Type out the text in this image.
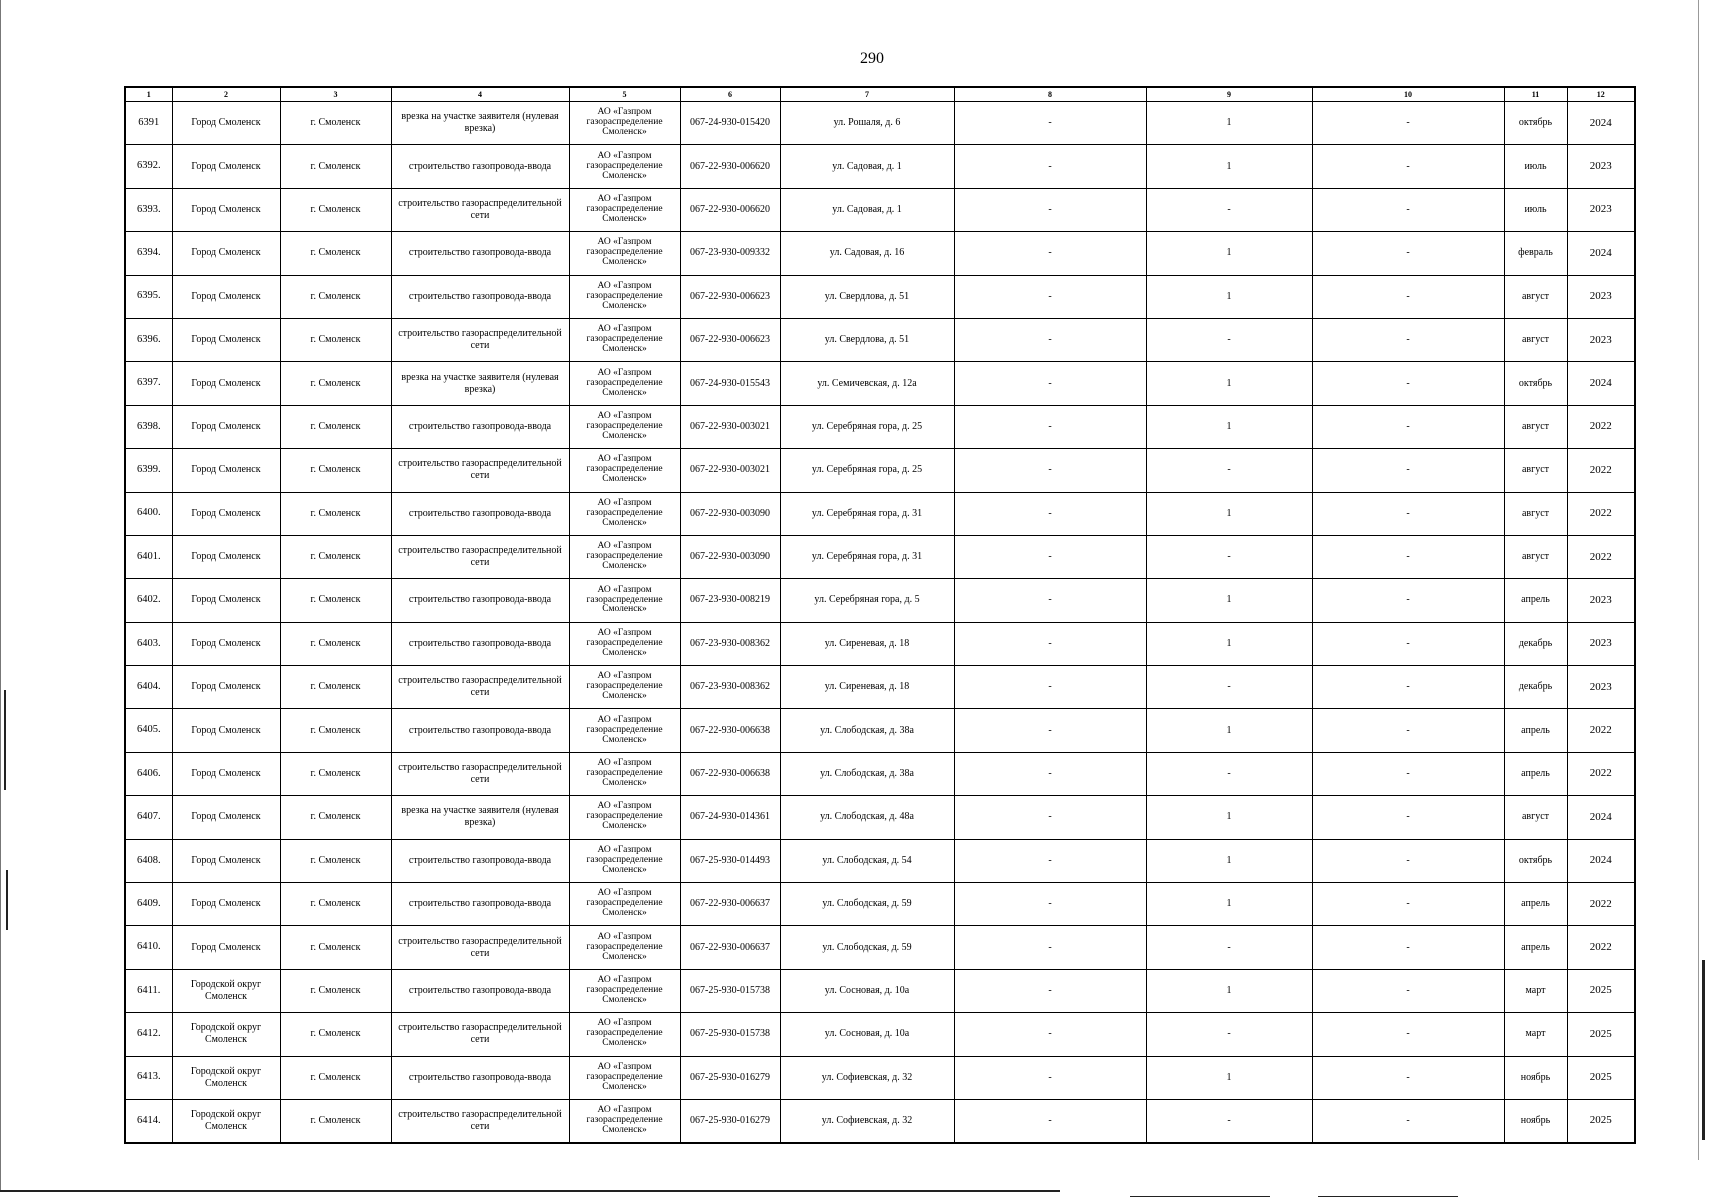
290
1	2	3	4	5	6	7	8	9	10	11	12
6391	Город Смоленск	г. Смоленск	врезка на участке заявителя (нулевая врезка)	АО «Газпром газораспределение Смоленск»	067-24-930-015420	ул. Рошаля, д. 6	-	1	-	октябрь	2024
6392.	Город Смоленск	г. Смоленск	строительство газопровода-ввода	АО «Газпром газораспределение Смоленск»	067-22-930-006620	ул. Садовая, д. 1	-	1	-	июль	2023
6393.	Город Смоленск	г. Смоленск	строительство газораспределительной сети	АО «Газпром газораспределение Смоленск»	067-22-930-006620	ул. Садовая, д. 1	-	-	-	июль	2023
6394.	Город Смоленск	г. Смоленск	строительство газопровода-ввода	АО «Газпром газораспределение Смоленск»	067-23-930-009332	ул. Садовая, д. 16	-	1	-	февраль	2024
6395.	Город Смоленск	г. Смоленск	строительство газопровода-ввода	АО «Газпром газораспределение Смоленск»	067-22-930-006623	ул. Свердлова, д. 51	-	1	-	август	2023
6396.	Город Смоленск	г. Смоленск	строительство газораспределительной сети	АО «Газпром газораспределение Смоленск»	067-22-930-006623	ул. Свердлова, д. 51	-	-	-	август	2023
6397.	Город Смоленск	г. Смоленск	врезка на участке заявителя (нулевая врезка)	АО «Газпром газораспределение Смоленск»	067-24-930-015543	ул. Семичевская, д. 12а	-	1	-	октябрь	2024
6398.	Город Смоленск	г. Смоленск	строительство газопровода-ввода	АО «Газпром газораспределение Смоленск»	067-22-930-003021	ул. Серебряная гора, д. 25	-	1	-	август	2022
6399.	Город Смоленск	г. Смоленск	строительство газораспределительной сети	АО «Газпром газораспределение Смоленск»	067-22-930-003021	ул. Серебряная гора, д. 25	-	-	-	август	2022
6400.	Город Смоленск	г. Смоленск	строительство газопровода-ввода	АО «Газпром газораспределение Смоленск»	067-22-930-003090	ул. Серебряная гора, д. 31	-	1	-	август	2022
6401.	Город Смоленск	г. Смоленск	строительство газораспределительной сети	АО «Газпром газораспределение Смоленск»	067-22-930-003090	ул. Серебряная гора, д. 31	-	-	-	август	2022
6402.	Город Смоленск	г. Смоленск	строительство газопровода-ввода	АО «Газпром газораспределение Смоленск»	067-23-930-008219	ул. Серебряная гора, д. 5	-	1	-	апрель	2023
6403.	Город Смоленск	г. Смоленск	строительство газопровода-ввода	АО «Газпром газораспределение Смоленск»	067-23-930-008362	ул. Сиреневая, д. 18	-	1	-	декабрь	2023
6404.	Город Смоленск	г. Смоленск	строительство газораспределительной сети	АО «Газпром газораспределение Смоленск»	067-23-930-008362	ул. Сиреневая, д. 18	-	-	-	декабрь	2023
6405.	Город Смоленск	г. Смоленск	строительство газопровода-ввода	АО «Газпром газораспределение Смоленск»	067-22-930-006638	ул. Слободская, д. 38а	-	1	-	апрель	2022
6406.	Город Смоленск	г. Смоленск	строительство газораспределительной сети	АО «Газпром газораспределение Смоленск»	067-22-930-006638	ул. Слободская, д. 38а	-	-	-	апрель	2022
6407.	Город Смоленск	г. Смоленск	врезка на участке заявителя (нулевая врезка)	АО «Газпром газораспределение Смоленск»	067-24-930-014361	ул. Слободская, д. 48а	-	1	-	август	2024
6408.	Город Смоленск	г. Смоленск	строительство газопровода-ввода	АО «Газпром газораспределение Смоленск»	067-25-930-014493	ул. Слободская, д. 54	-	1	-	октябрь	2024
6409.	Город Смоленск	г. Смоленск	строительство газопровода-ввода	АО «Газпром газораспределение Смоленск»	067-22-930-006637	ул. Слободская, д. 59	-	1	-	апрель	2022
6410.	Город Смоленск	г. Смоленск	строительство газораспределительной сети	АО «Газпром газораспределение Смоленск»	067-22-930-006637	ул. Слободская, д. 59	-	-	-	апрель	2022
6411.	Городской округ Смоленск	г. Смоленск	строительство газопровода-ввода	АО «Газпром газораспределение Смоленск»	067-25-930-015738	ул. Сосновая, д. 10а	-	1	-	март	2025
6412.	Городской округ Смоленск	г. Смоленск	строительство газораспределительной сети	АО «Газпром газораспределение Смоленск»	067-25-930-015738	ул. Сосновая, д. 10а	-	-	-	март	2025
6413.	Городской округ Смоленск	г. Смоленск	строительство газопровода-ввода	АО «Газпром газораспределение Смоленск»	067-25-930-016279	ул. Софиевская, д. 32	-	1	-	ноябрь	2025
6414.	Городской округ Смоленск	г. Смоленск	строительство газораспределительной сети	АО «Газпром газораспределение Смоленск»	067-25-930-016279	ул. Софиевская, д. 32	-	-	-	ноябрь	2025
